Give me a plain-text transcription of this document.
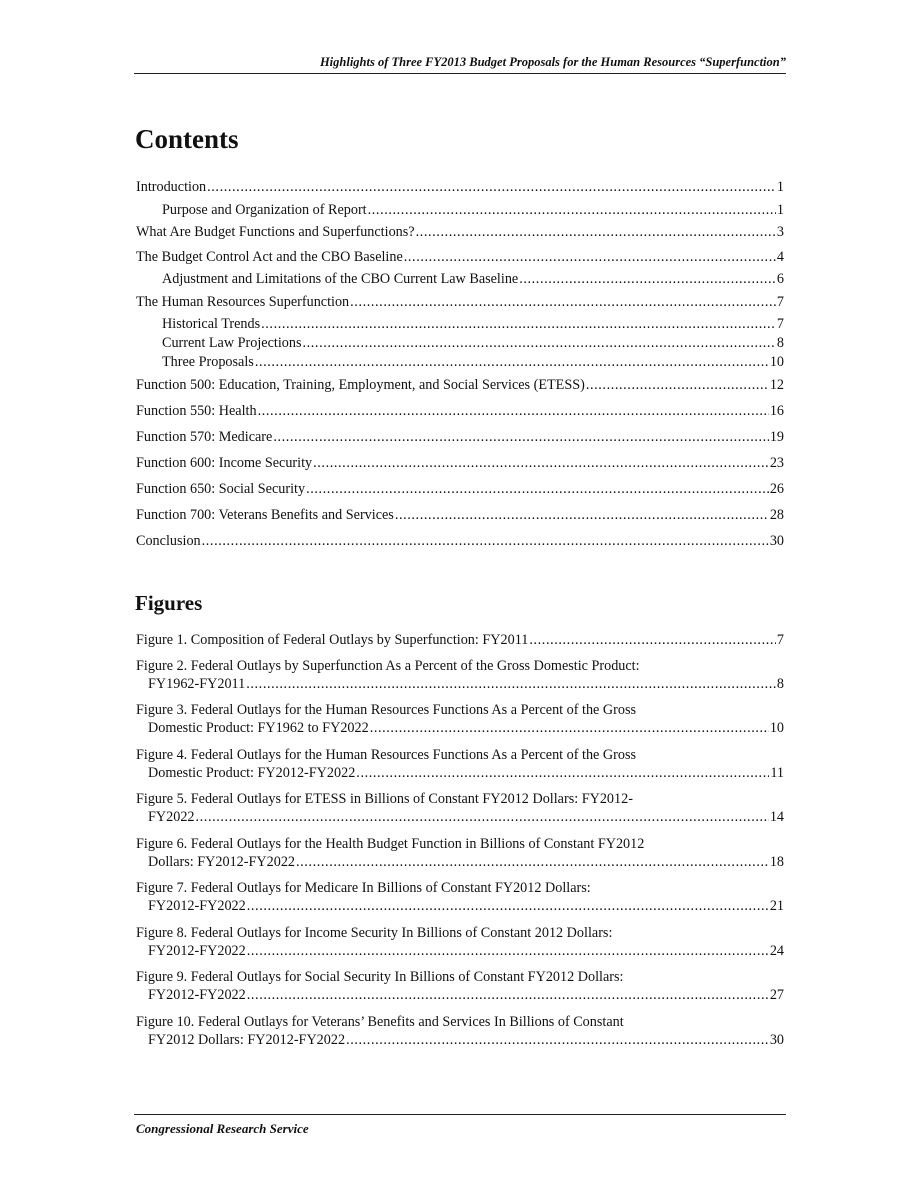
Highlights of Three FY2013 Budget Proposals for the Human Resources “Superfunction”
Contents
Introduction .....	1
Purpose and Organization of Report .....	1
What Are Budget Functions and Superfunctions? .....	3
The Budget Control Act and the CBO Baseline .....	4
Adjustment and Limitations of the CBO Current Law Baseline .....	6
The Human Resources Superfunction .....	7
Historical Trends .....	7
Current Law Projections .....	8
Three Proposals .....	10
Function 500: Education, Training, Employment, and Social Services (ETESS) .....	12
Function 550: Health .....	16
Function 570: Medicare .....	19
Function 600: Income Security .....	23
Function 650: Social Security .....	26
Function 700: Veterans Benefits and Services .....	28
Conclusion .....	30
Figures
Figure 1. Composition of Federal Outlays by Superfunction: FY2011 .....	7
Figure 2. Federal Outlays by Superfunction As a Percent of the Gross Domestic Product:
FY1962-FY2011 .....	8
Figure 3. Federal Outlays for the Human Resources Functions As a Percent of the Gross
Domestic Product: FY1962 to FY2022 .....	10
Figure 4. Federal Outlays for the Human Resources Functions As a Percent of the Gross
Domestic Product: FY2012-FY2022 .....	11
Figure 5. Federal Outlays for ETESS in Billions of Constant FY2012 Dollars: FY2012-
FY2022 .....	14
Figure 6. Federal Outlays for the Health Budget Function in Billions of Constant FY2012
Dollars: FY2012-FY2022 .....	18
Figure 7. Federal Outlays for Medicare In Billions of Constant FY2012 Dollars:
FY2012-FY2022 .....	21
Figure 8. Federal Outlays for Income Security In Billions of Constant 2012 Dollars:
FY2012-FY2022 .....	24
Figure 9. Federal Outlays for Social Security In Billions of Constant FY2012 Dollars:
FY2012-FY2022 .....	27
Figure 10. Federal Outlays for Veterans’ Benefits and Services In Billions of Constant
FY2012 Dollars: FY2012-FY2022 .....	30
Congressional Research Service
